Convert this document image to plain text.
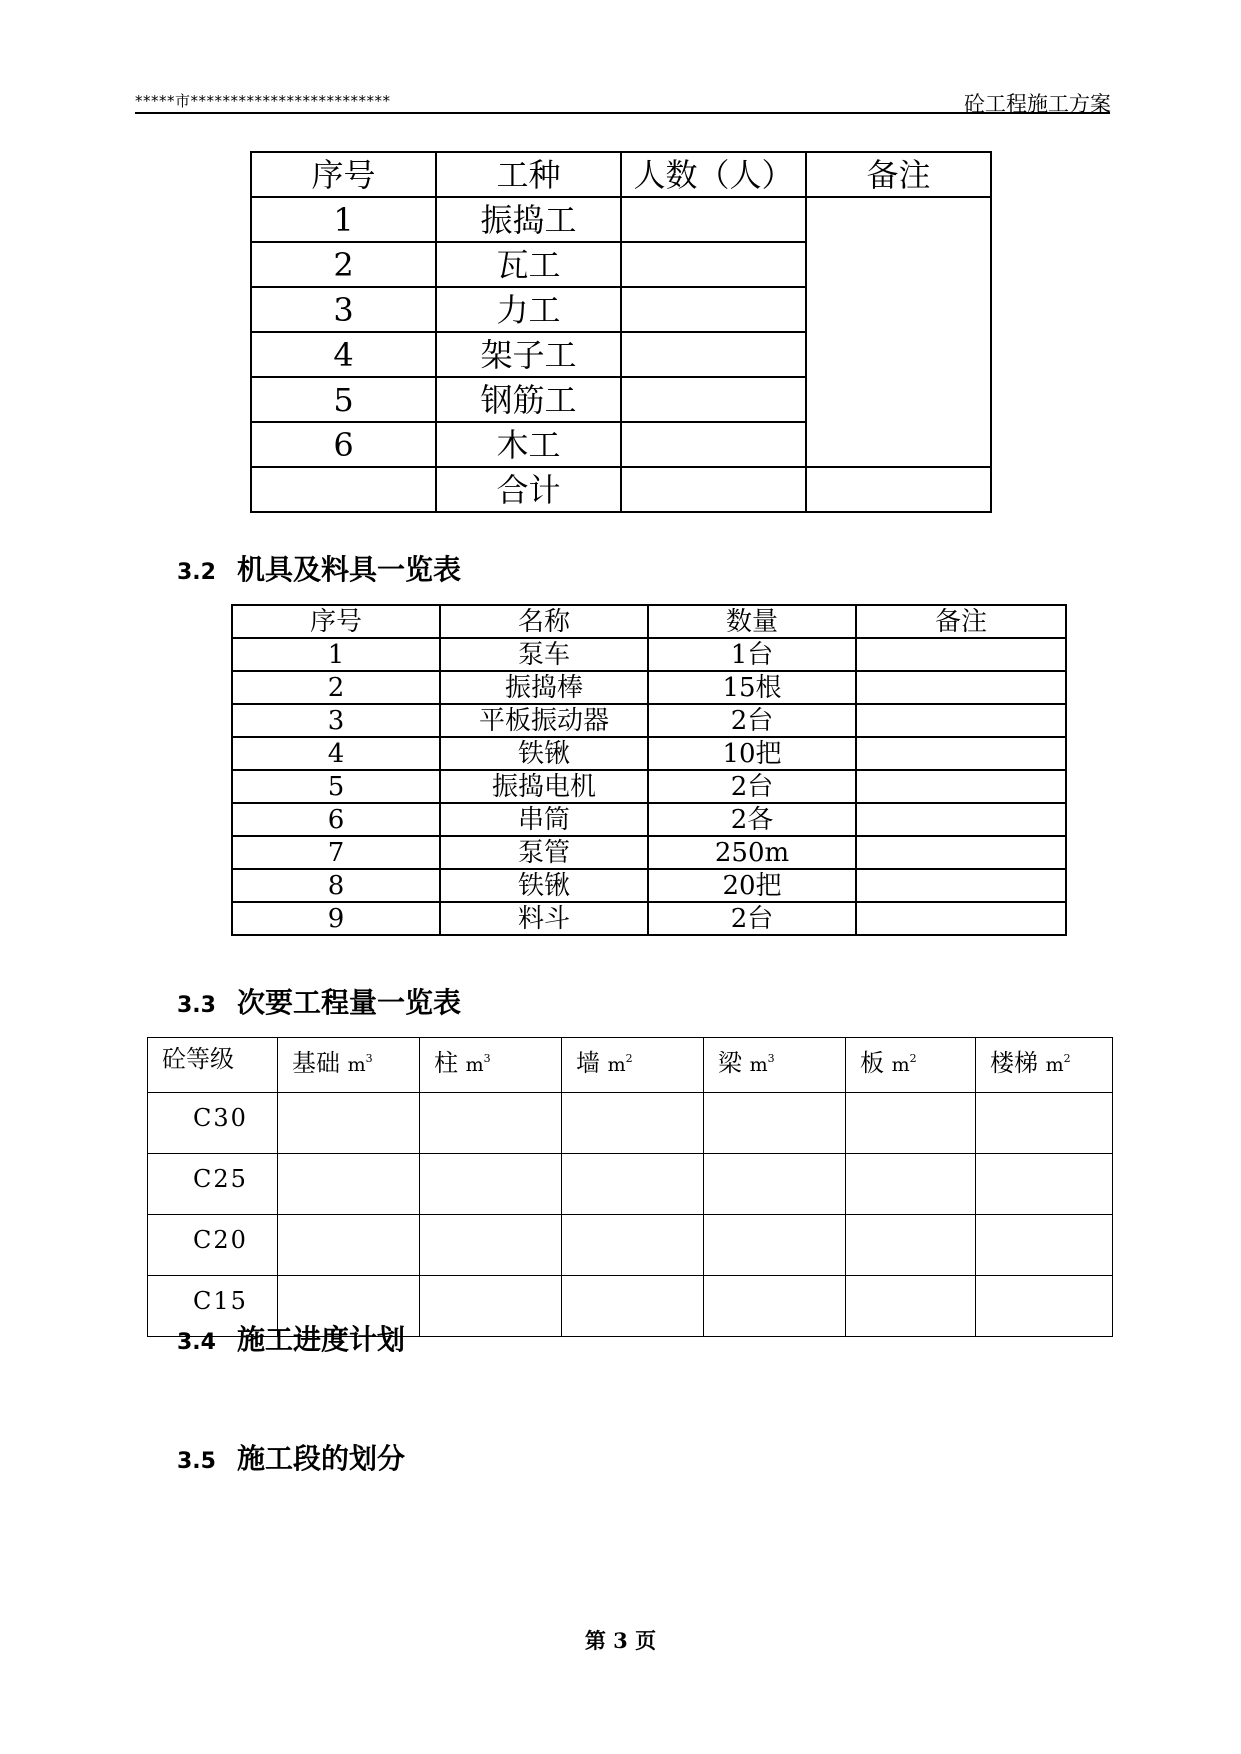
*****市*************************	砼工程施工方案
序号	工种	人数（人）	备注
1	振捣工		
2	瓦工		
3	力工		
4	架子工		
5	钢筋工		
6	木工		
	合计		
3.2 机具及料具一览表
序号	名称	数量	备注
1	泵车	1台	
2	振捣棒	15根	
3	平板振动器	2台	
4	铁锹	10把	
5	振捣电机	2台	
6	串筒	2各	
7	泵管	250m	
8	铁锹	20把	
9	料斗	2台	
3.3 次要工程量一览表
砼等级	基础 $m^3$	柱 $m^3$	墙 $m^2$	梁 $m^3$	板 $m^2$	楼梯 $m^2$
C30						
C25						
C20						
C15						
3.4 施工进度计划
3.5 施工段的划分
第 3 页
